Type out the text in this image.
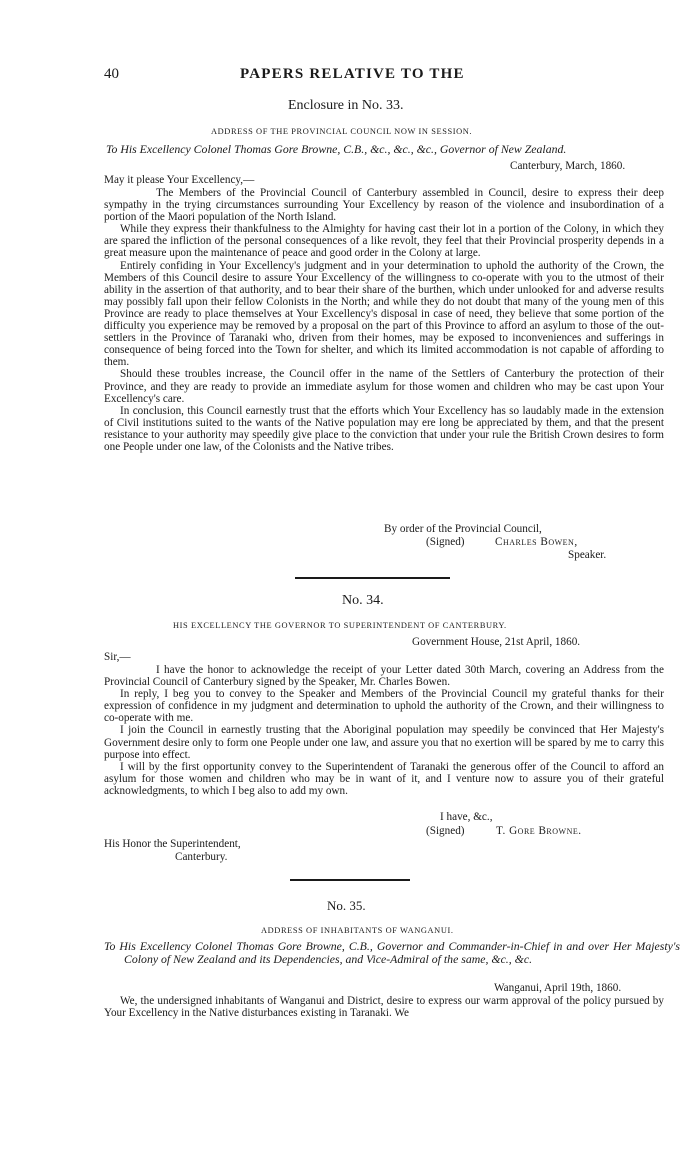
40	PAPERS RELATIVE TO THE
Enclosure in No. 33.
ADDRESS OF THE PROVINCIAL COUNCIL NOW IN SESSION.
To His Excellency Colonel Thomas Gore Browne, C.B., &c., &c., &c., Governor of New Zealand.
Canterbury, March, 1860.
May it please Your Excellency,—

The Members of the Provincial Council of Canterbury assembled in Council, desire to express their deep sympathy in the trying circumstances surrounding Your Excellency by reason of the violence and insubordination of a portion of the Maori population of the North Island.

While they express their thankfulness to the Almighty for having cast their lot in a portion of the Colony, in which they are spared the infliction of the personal consequences of a like revolt, they feel that their Provincial prosperity depends in a great measure upon the maintenance of peace and good order in the Colony at large.

Entirely confiding in Your Excellency's judgment and in your determination to uphold the authority of the Crown, the Members of this Council desire to assure Your Excellency of the willingness to co-operate with you to the utmost of their ability in the assertion of that authority, and to bear their share of the burthen, which under unlooked for and adverse results may possibly fall upon their fellow Colonists in the North; and while they do not doubt that many of the young men of this Province are ready to place themselves at Your Excellency's disposal in case of need, they believe that some portion of the difficulty you experience may be removed by a proposal on the part of this Province to afford an asylum to those of the out-settlers in the Province of Taranaki who, driven from their homes, may be exposed to inconveniences and sufferings in consequence of being forced into the Town for shelter, and which its limited accommodation is not capable of affording to them.

Should these troubles increase, the Council offer in the name of the Settlers of Canterbury the protection of their Province, and they are ready to provide an immediate asylum for those women and children who may be cast upon Your Excellency's care.

In conclusion, this Council earnestly trust that the efforts which Your Excellency has so laudably made in the extension of Civil institutions suited to the wants of the Native population may ere long be appreciated by them, and that the present resistance to your authority may speedily give place to the conviction that under your rule the British Crown desires to form one People under one law, of the Colonists and the Native tribes.

By order of the Provincial Council,
(Signed)	Charles Bowen,
Speaker.
No. 34.
HIS EXCELLENCY THE GOVERNOR TO SUPERINTENDENT OF CANTERBURY.
Government House, 21st April, 1860.
Sir,—

I have the honor to acknowledge the receipt of your Letter dated 30th March, covering an Address from the Provincial Council of Canterbury signed by the Speaker, Mr. Charles Bowen.

In reply, I beg you to convey to the Speaker and Members of the Provincial Council my grateful thanks for their expression of confidence in my judgment and determination to uphold the authority of the Crown, and their willingness to co-operate with me.

I join the Council in earnestly trusting that the Aboriginal population may speedily be convinced that Her Majesty's Government desire only to form one People under one law, and assure you that no exertion will be spared by me to carry this purpose into effect.

I will by the first opportunity convey to the Superintendent of Taranaki the generous offer of the Council to afford an asylum for those women and children who may be in want of it, and I venture now to assure you of their grateful acknowledgments, to which I beg also to add my own.

I have, &c.,
(Signed)	T. Gore Browne.
His Honor the Superintendent,
Canterbury.
No. 35.
ADDRESS OF INHABITANTS OF WANGANUI.
To His Excellency Colonel Thomas Gore Browne, C.B., Governor and Commander-in-Chief in and over Her Majesty's Colony of New Zealand and its Dependencies, and Vice-Admiral of the same, &c., &c.
Wanganui, April 19th, 1860.

We, the undersigned inhabitants of Wanganui and District, desire to express our warm approval of the policy pursued by Your Excellency in the Native disturbances existing in Taranaki. We
